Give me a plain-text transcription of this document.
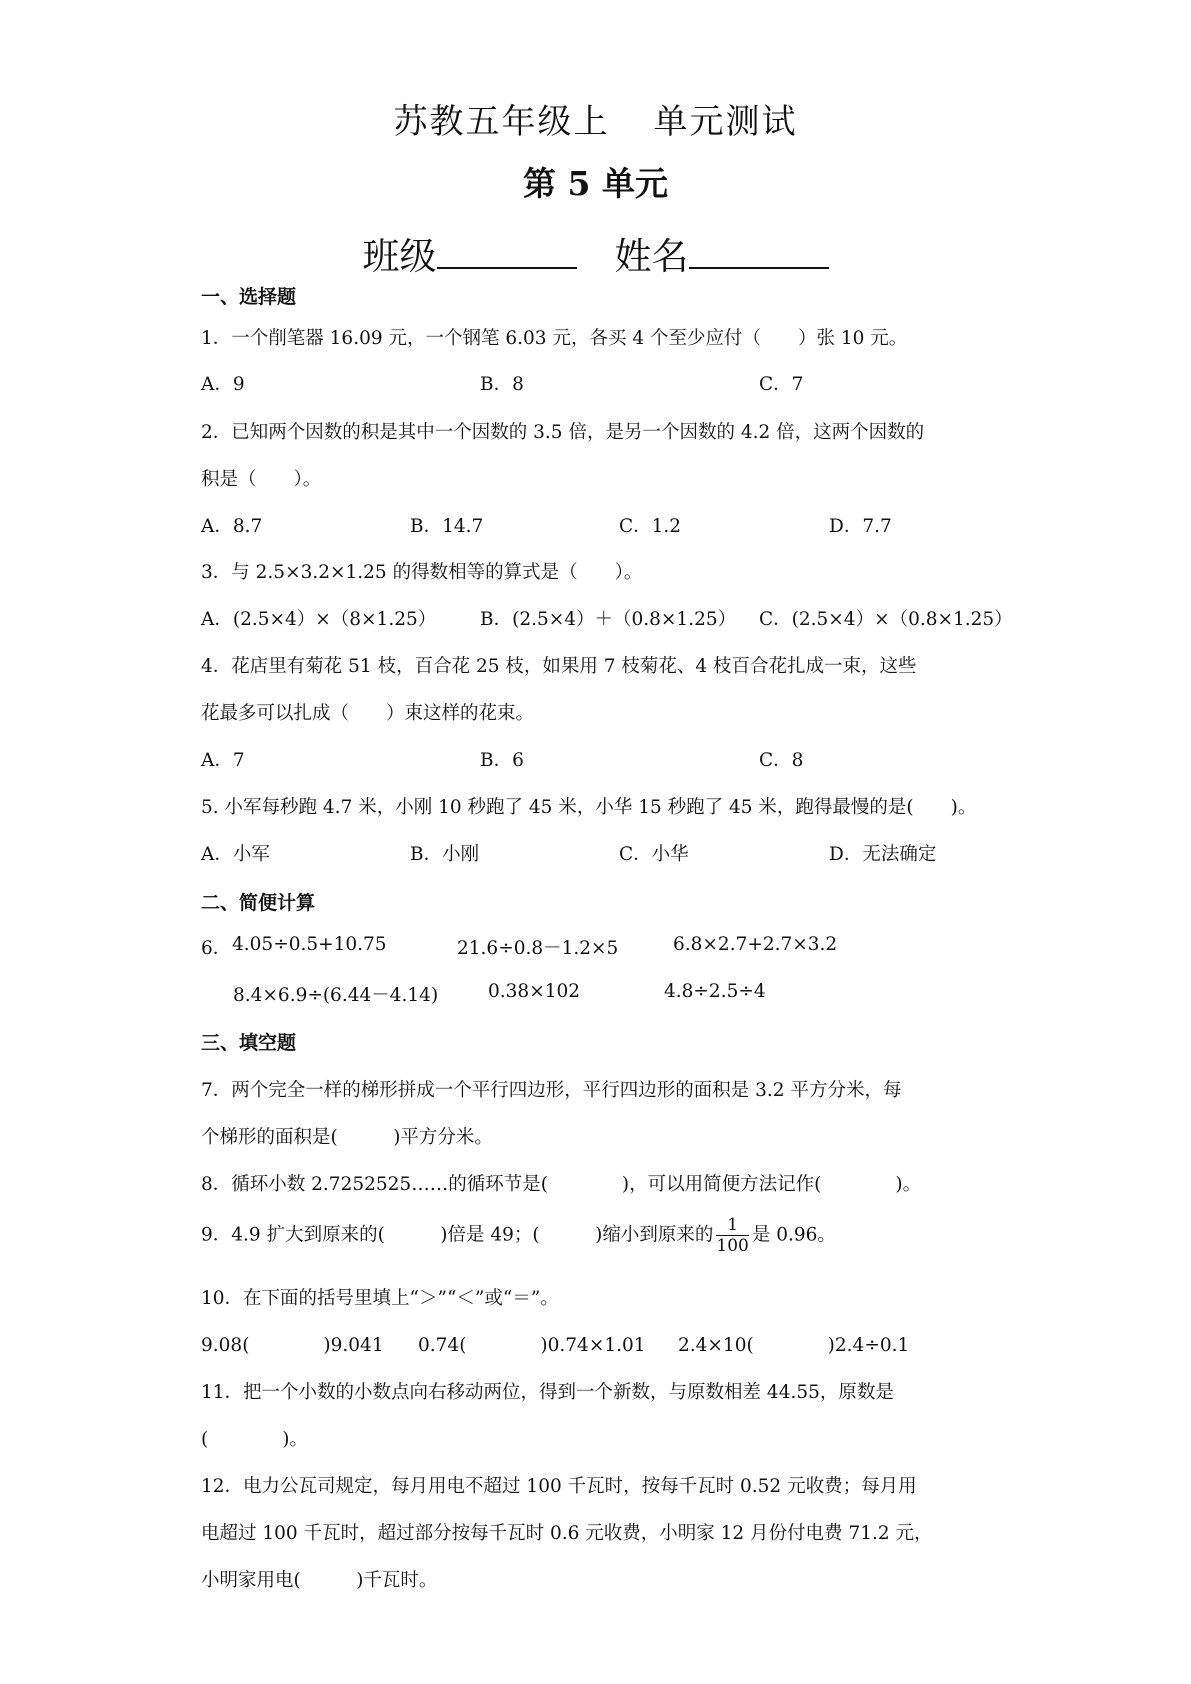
苏教五年级上 单元测试
第 5 单元
班级	姓名
一、选择题
1．一个削笔器 16.09 元，一个钢笔 6.03 元，各买 4 个至少应付（　　）张 10 元。
A．9	B．8	C．7
2．已知两个因数的积是其中一个因数的 3.5 倍，是另一个因数的 4.2 倍，这两个因数的
积是（　　）。
A．8.7	B．14.7	C．1.2	D．7.7
3．与 2.5×3.2×1.25 的得数相等的算式是（　　）。
A．(2.5×4）×（8×1.25） B．(2.5×4）＋（0.8×1.25） C．(2.5×4）×（0.8×1.25）
4．花店里有菊花 51 枝，百合花 25 枝，如果用 7 枝菊花、4 枝百合花扎成一束，这些
花最多可以扎成（　　）束这样的花束。
A．7	B．6	C．8
5. 小军每秒跑 4.7 米，小刚 10 秒跑了 45 米，小华 15 秒跑了 45 米，跑得最慢的是(　　)。
A．小军	B．小刚	C．小华	D．无法确定
二、简便计算
6． 4.05÷0.5+10.75	21.6÷0.8－1.2×5	6.8×2.7+2.7×3.2
8.4×6.9÷(6.44－4.14)	0.38×102	4.8÷2.5÷4
三、填空题
7．两个完全一样的梯形拼成一个平行四边形，平行四边形的面积是 3.2 平方分米，每
个梯形的面积是(　　　)平方分米。
8．循环小数 2.7252525……的循环节是(　　　　)，可以用简便方法记作(　　　　)。
9．4.9 扩大到原来的(　　　)倍是 49；(　　　)缩小到原来的 $\frac{1}{100}$ 是 0.96。
10．在下面的括号里填上“＞”“＜”或“＝”。
9.08(　　　　)9.041 0.74(　　　　)0.74×1.01 2.4×10(　　　　)2.4÷0.1
11．把一个小数的小数点向右移动两位，得到一个新数，与原数相差 44.55，原数是
(　　　　)。
12．电力公瓦司规定，每月用电不超过 100 千瓦时，按每千瓦时 0.52 元收费；每月用
电超过 100 千瓦时，超过部分按每千瓦时 0.6 元收费，小明家 12 月份付电费 71.2 元，
小明家用电(　　　)千瓦时。
